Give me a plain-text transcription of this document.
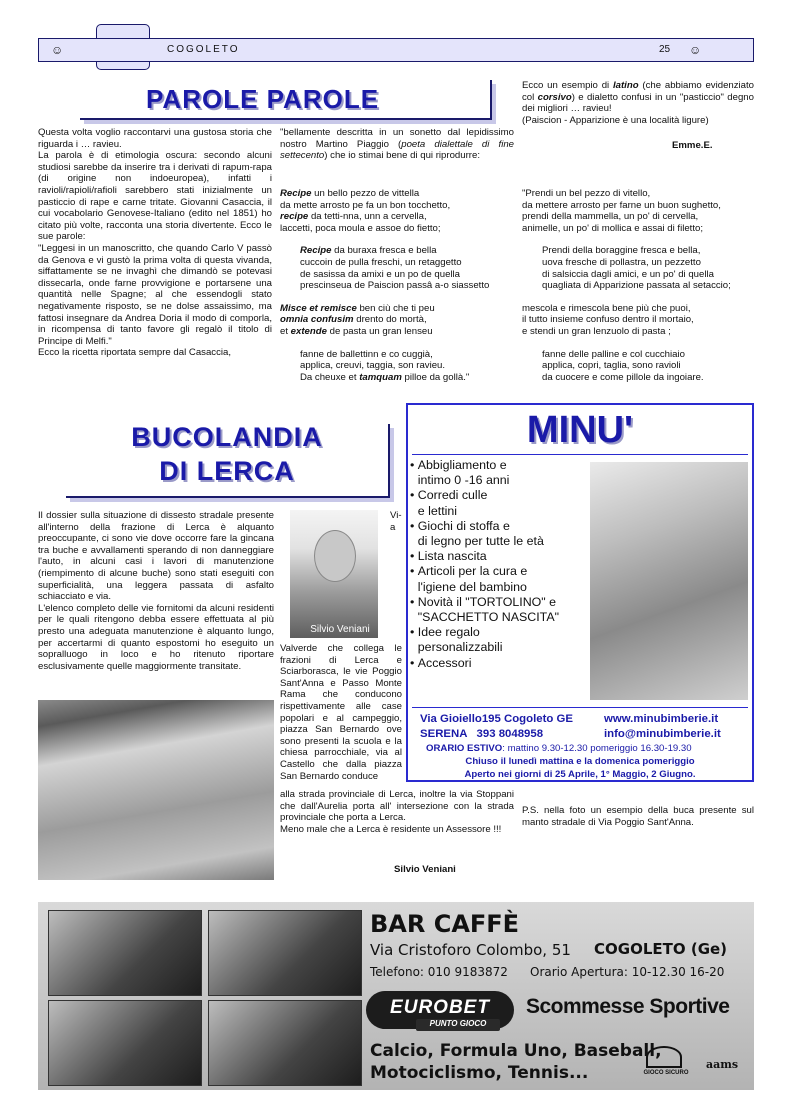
☺	COGOLETO	25 ☺
PAROLE PAROLE

Questa volta voglio raccontarvi una gustosa storia che riguarda i … ravieu.

La parola è di etimologia oscura: secondo alcuni studiosi sarebbe da inserire tra i derivati di rapum-rapa (di origine non indoeuropea), infatti i ravioli/rapioli/rafioli sarebbero stati inizialmente un pasticcio di rape e carne tritate. Giovanni Casaccia, il cui vocabolario Genovese-Italiano (edito nel 1851) ho citato più volte, racconta una storia divertente. Ecco le sue parole:

"Leggesi in un manoscritto, che quando Carlo V passò da Genova e vi gustò la prima volta di questa vivanda, siffattamente se ne invaghì che dimandò se potevasi dissecarla, onde farne provvigione e portarsene una quantità nelle Spagne; al che essendogli stato negativamente risposto, se ne dolse assaissimo, ma fattosi insegnare da Andrea Doria il modo di comporla, in ricompensa di tanto favore gli regalò il titolo di Principe di Melfi."

Ecco la ricetta riportata sempre dal Casaccia,

"bellamente descritta in un sonetto dal lepidissimo nostro Martino Piaggio (poeta dialettale di fine settecento) che io stimai bene di qui riprodurre:
Ecco un esempio di latino (che abbiamo evidenziato col corsivo) e dialetto confusi in un "pasticcio" degno dei migliori … ravieu!
(Paiscion - Apparizione è una località ligure)
Emme.E.
Recipe un bello pezzo de vittella
da mette arrosto pe fa un bon tocchetto,
recipe da tetti-nna, unn a cervella,
laccetti, poca moula e assoe do fietto;
Recipe da buraxa fresca e bella
cuccoin de pulla freschi, un retaggetto
de sasissa da amixi e un po de quella
prescinseua de Paiscion passâ a-o siassetto
Misce et remisce ben ciù che ti peu
omnia confusim drento do mortà,
et extende de pasta un gran lenseu
fanne de ballettinn e co cuggià,
applica, creuvi, taggia, son ravieu.
Da cheuxe et tamquam pilloe da gollà."
"Prendi un bel pezzo di vitello,
da mettere arrosto per farne un buon sughetto,
prendi della mammella, un po' di cervella,
animelle, un po' di mollica e assai di filetto;
Prendi della boraggine fresca e bella,
uova fresche di pollastra, un pezzetto
di salsiccia dagli amici, e un po' di quella
quagliata di Apparizione passata al setaccio;
mescola e rimescola bene più che puoi,
il tutto insieme confuso dentro il mortaio,
e stendi un gran lenzuolo di pasta ;
fanne delle palline e col cucchiaio
applica, copri, taglia, sono ravioli
da cuocere e come pillole da ingoiare.
BUCOLANDIA
DI LERCA

Il dossier sulla situazione di dissesto stradale presente all'interno della frazione di Lerca è alquanto preoccupante, ci sono vie dove occorre fare la gincana tra buche e avvallamenti sperando di non danneggiare l'auto, in alcuni casi i lavori di manutenzione (riempimento di alcune buche) sono stati eseguiti con superficialità, una leggera passata di asfalto schiacciato e via.

L'elenco completo delle vie fornitomi da alcuni residenti per le quali ritengono debba essere effettuata al più presto una adeguata manutenzione è alquanto lungo, per accertarmi di quanto espostomi ho eseguito un sopralluogo in loco e ho ritenuto riportare esclusivamente quelle maggiormente transitate.

Silvio Veniani
Vi-
a
Valverde che collega le frazioni di Lerca e Sciarborasca, le vie Poggio Sant'Anna e Passo Monte Rama che conducono rispettivamente alle case popolari e al campeggio, piazza San Bernardo ove sono presenti la scuola e la chiesa parrocchiale, via al Castello che dalla piazza San Bernardo conduce

alla strada provinciale di Lerca, inoltre la via Stoppani che dall'Aurelia porta all' intersezione con la strada provinciale che porta a Lerca.

Meno male che a Lerca è residente un Assessore !!!

Silvio Veniani
P.S. nella foto un esempio della buca presente sul manto stradale di Via Poggio Sant'Anna.
MINU'
• Abbigliamento e
intimo 0 -16 anni
• Corredi culle
e lettini
• Giochi di stoffa e
di legno per tutte le età
• Lista nascita
• Articoli per la cura e
l'igiene del bambino
• Novità il "TORTOLINO" e
"SACCHETTO NASCITA"
• Idee regalo
personalizzabili
• Accessori
Via Gioiello195 Cogoleto GE	www.minubimberie.it
SERENA   393 8048958	info@minubimberie.it
ORARIO ESTIVO: mattino 9.30-12.30 pomeriggio 16.30-19.30
Chiuso il lunedì mattina e la domenica pomeriggio
Aperto nei giorni di 25 Aprile, 1° Maggio, 2 Giugno.
BAR CAFFÈ
Via Cristoforo Colombo, 51 COGOLETO (Ge)
Telefono: 010 9183872 Orario Apertura: 10-12.30 16-20
EUROBET
PUNTO GIOCO
Scommesse Sportive
Calcio, Formula Uno, Baseball,
Motociclismo, Tennis...	GIOCO SICURO
aams
